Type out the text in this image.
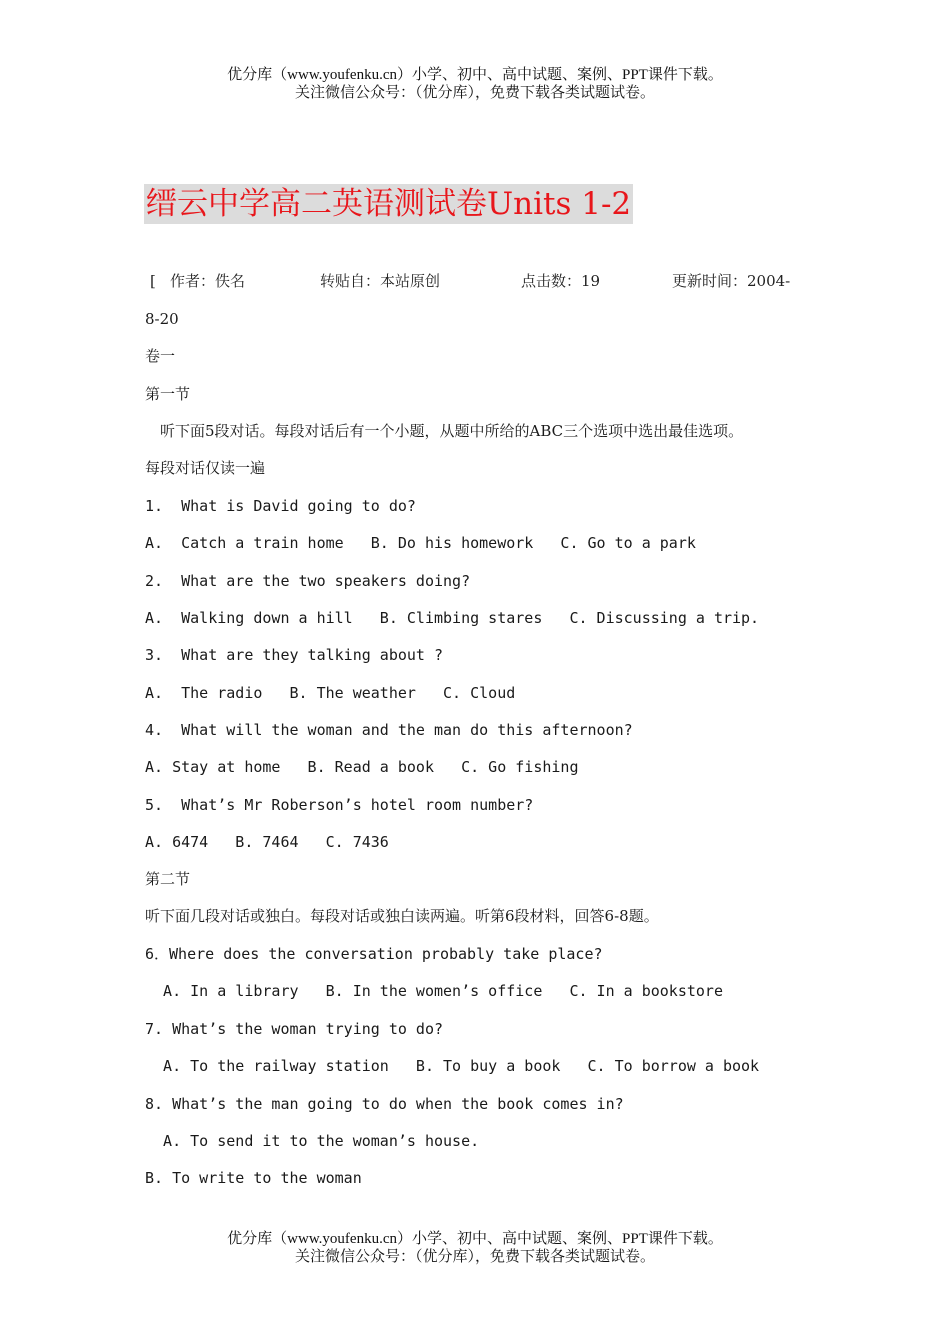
优分库（www.youfenku.cn）小学、初中、高中试题、案例、PPT课件下载。
关注微信公众号：（优分库），免费下载各类试题试卷。
缙云中学高二英语测试卷Units 1-2
[ 作者：佚名	转贴自：本站原创	点击数：19	更新时间：2004-
8-20
卷一
第一节
听下面5段对话。每段对话后有一个小题，从题中所给的ABC三个选项中选出最佳选项。
每段对话仅读一遍
1.  What is David going to do?
A.  Catch a train home   B. Do his homework   C. Go to a park
2.  What are the two speakers doing?
A.  Walking down a hill   B. Climbing stares   C. Discussing a trip.
3.  What are they talking about ?
A.  The radio   B. The weather   C. Cloud
4.  What will the woman and the man do this afternoon?
A. Stay at home   B. Read a book   C. Go fishing
5.  What’s Mr Roberson’s hotel room number?
A. 6474   B. 7464   C. 7436
第二节
听下面几段对话或独白。每段对话或独白读两遍。听第6段材料，回答6-8题。
6．Where does the conversation probably take place?
A. In a library   B. In the women’s office   C. In a bookstore
7. What’s the woman trying to do?
A. To the railway station   B. To buy a book   C. To borrow a book
8. What’s the man going to do when the book comes in?
A. To send it to the woman’s house.
B. To write to the woman
优分库（www.youfenku.cn）小学、初中、高中试题、案例、PPT课件下载。
关注微信公众号：（优分库），免费下载各类试题试卷。
